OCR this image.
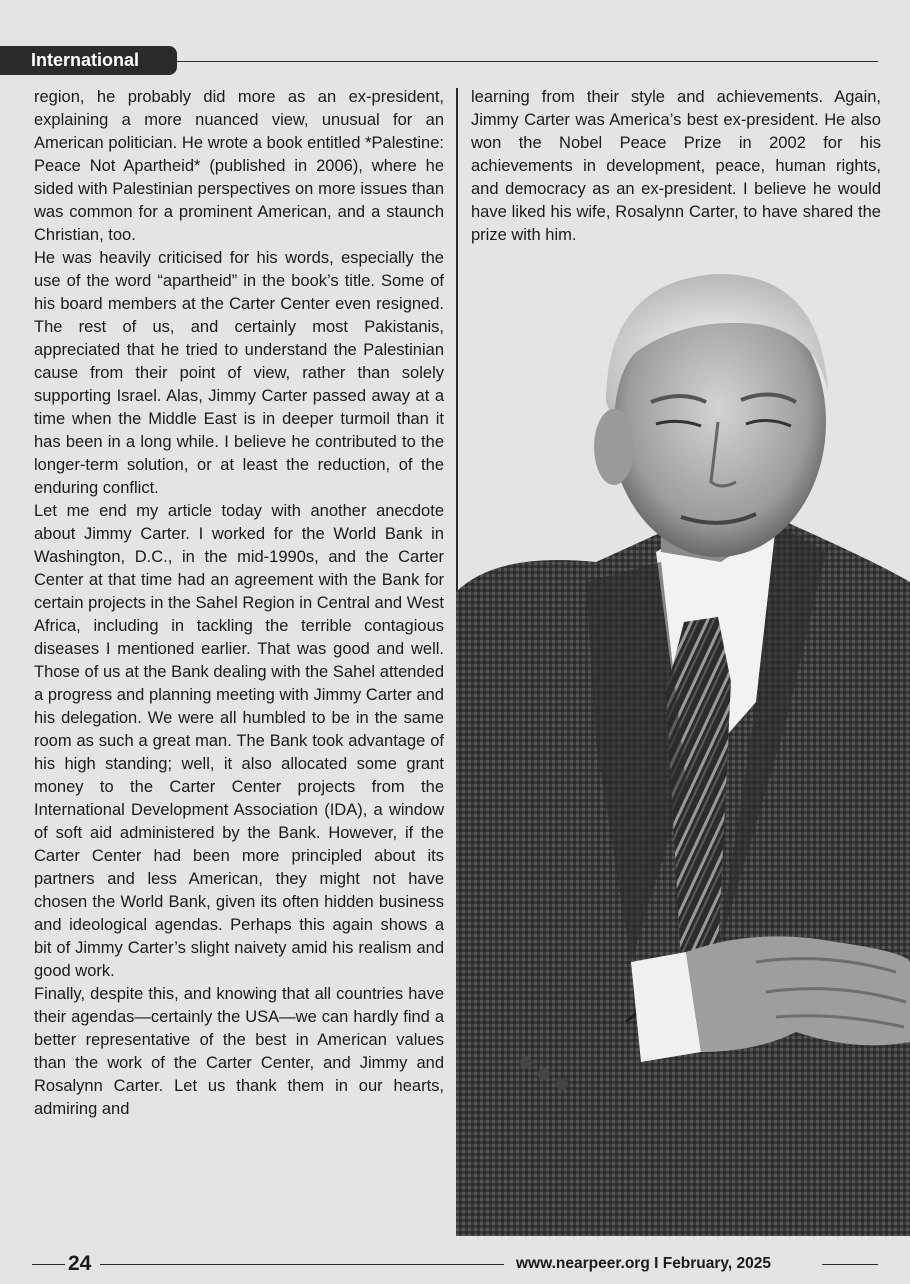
International

region, he probably did more as an ex-president, explaining a more nuanced view, unusual for an American politician. He wrote a book entitled *Palestine: Peace Not Apartheid* (published in 2006), where he sided with Palestinian perspectives on more issues than was common for a prominent American, and a staunch Christian, too.

He was heavily criticised for his words, especially the use of the word “apartheid” in the book’s title. Some of his board members at the Carter Center even resigned. The rest of us, and certainly most Pakistanis, appreciated that he tried to understand the Palestinian cause from their point of view, rather than solely supporting Israel. Alas, Jimmy Carter passed away at a time when the Middle East is in deeper turmoil than it has been in a long while. I believe he contributed to the longer-term solution, or at least the reduction, of the enduring conflict.

Let me end my article today with another anecdote about Jimmy Carter. I worked for the World Bank in Washington, D.C., in the mid-1990s, and the Carter Center at that time had an agreement with the Bank for certain projects in the Sahel Region in Central and West Africa, including in tackling the terrible contagious diseases I mentioned earlier. That was good and well. Those of us at the Bank dealing with the Sahel attended a progress and planning meeting with Jimmy Carter and his delegation. We were all humbled to be in the same room as such a great man. The Bank took advantage of his high standing; well, it also allocated some grant money to the Carter Center projects from the International Development Association (IDA), a window of soft aid administered by the Bank. However, if the Carter Center had been more principled about its partners and less American, they might not have chosen the World Bank, given its often hidden business and ideological agendas. Perhaps this again shows a bit of Jimmy Carter’s slight naivety amid his realism and good work.

Finally, despite this, and knowing that all countries have their agendas—certainly the USA—we can hardly find a better representative of the best in American values than the work of the Carter Center, and Jimmy and Rosalynn Carter. Let us thank them in our hearts, admiring and

learning from their style and achievements. Again, Jimmy Carter was America’s best ex-president. He also won the Nobel Peace Prize in 2002 for his achievements in development, peace, human rights, and democracy as an ex-president. I believe he would have liked his wife, Rosalynn Carter, to have shared the prize with him.

24	www.nearpeer.org I February, 2025
